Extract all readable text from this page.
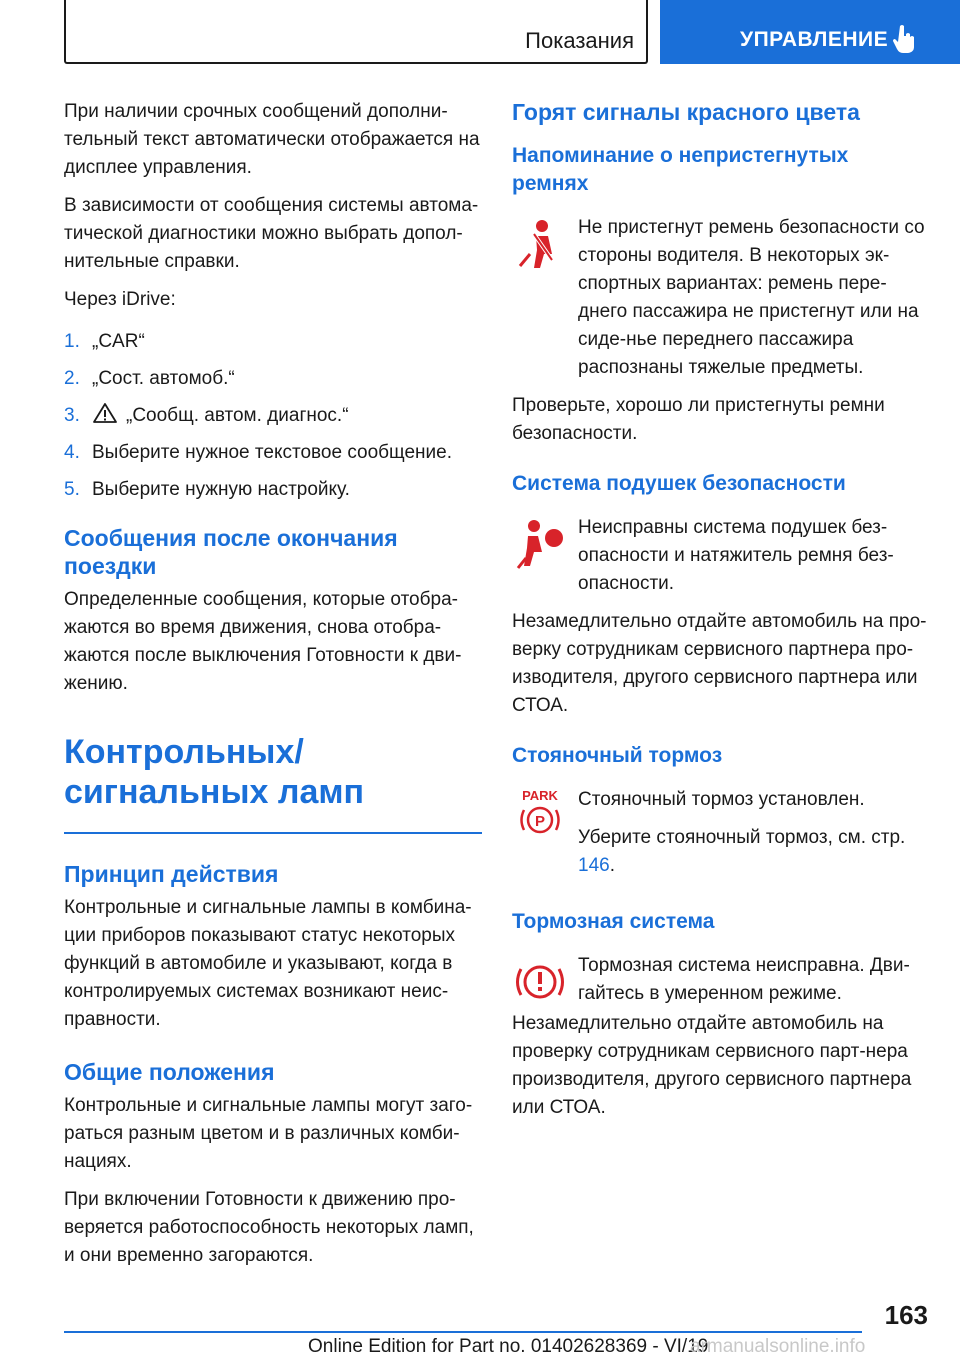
Показания	УПРАВЛЕНИЕ

При наличии срочных сообщений дополни-тельный текст автоматически отображается на дисплее управления.

В зависимости от сообщения системы автома-тической диагностики можно выбрать допол-нительные справки.

Через iDrive:

1. „CAR“
2. „Сост. автомоб.“
3.	„Сообщ. автом. диагнос.“
4. Выберите нужное текстовое сообщение.
5. Выберите нужную настройку.
Сообщения после окончания поездки

Определенные сообщения, которые отобра-жаются во время движения, снова отобра-жаются после выключения Готовности к дви-жению.

Контрольных/сигнальных ламп
Принцип действия

Контрольные и сигнальные лампы в комбина-ции приборов показывают статус некоторых функций в автомобиле и указывают, когда в контролируемых системах возникают неис-правности.

Общие положения

Контрольные и сигнальные лампы могут заго-раться разным цветом и в различных комби-нациях.

При включении Готовности к движению про-веряется работоспособность некоторых ламп, и они временно загораются.

Горят сигналы красного цвета
Напоминание о непристегнутых ремнях

Не пристегнут ремень безопасности со стороны водителя. В некоторых эк-спортных вариантах: ремень пере-днего пассажира не пристегнут или на сиде-нье переднего пассажира распознаны тяжелые предметы.

Проверьте, хорошо ли пристегнуты ремни безопасности.

Система подушек безопасности

Неисправны система подушек без-опасности и натяжитель ремня без-опасности.

Незамедлительно отдайте автомобиль на про-верку сотрудникам сервисного партнера про-изводителя, другого сервисного партнера или СТОА.

Стояночный тормоз
PARK
P

Стояночный тормоз установлен.

Уберите стояночный тормоз, см. стр. 146.

Тормозная система

Тормозная система неисправна. Дви-гайтесь в умеренном режиме.

Незамедлительно отдайте автомобиль на проверку сотрудникам сервисного парт-нера производителя, другого сервисного партнера или СТОА.

163
Online Edition for Part no. 01402628369 - VI/19
armanualsonline.info
